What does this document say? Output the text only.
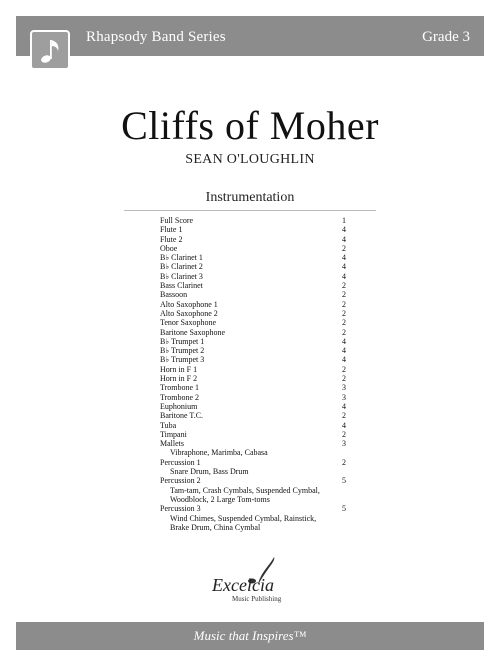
Rhapsody Band Series	Grade 3
Cliffs of Moher
SEAN O'LOUGHLIN
Instrumentation
Full Score	1
Flute 1	4
Flute 2	4
Oboe	2
B♭ Clarinet 1	4
B♭ Clarinet 2	4
B♭ Clarinet 3	4
Bass Clarinet	2
Bassoon	2
Alto Saxophone 1	2
Alto Saxophone 2	2
Tenor Saxophone	2
Baritone Saxophone	2
B♭ Trumpet 1	4
B♭ Trumpet 2	4
B♭ Trumpet 3	4
Horn in F 1	2
Horn in F 2	2
Trombone 1	3
Trombone 2	3
Euphonium	4
Baritone T.C.	2
Tuba	4
Timpani	2
Mallets	3
Vibraphone, Marimba, Cabasa
Percussion 1	2
Snare Drum, Bass Drum
Percussion 2	5
Tam-tam, Crash Cymbals, Suspended Cymbal,
Woodblock, 2 Large Tom-toms
Percussion 3	5
Wind Chimes, Suspended Cymbal, Rainstick,
Brake Drum, China Cymbal
Excelcia
Music Publishing
Music that Inspires™
